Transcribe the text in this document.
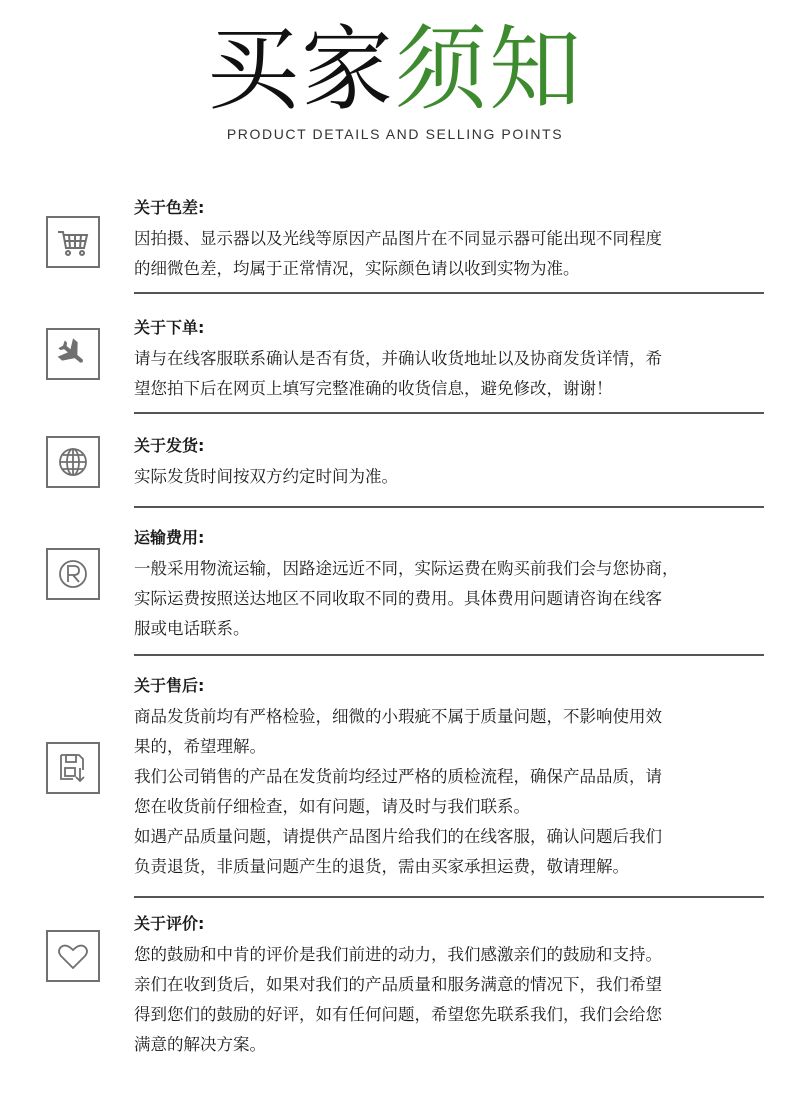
买家须知
PRODUCT DETAILS AND SELLING POINTS
关于色差:
因拍摄、显示器以及光线等原因产品图片在不同显示器可能出现不同程度
的细微色差，均属于正常情况，实际颜色请以收到实物为准。
关于下单:
请与在线客服联系确认是否有货，并确认收货地址以及协商发货详情，希
望您拍下后在网页上填写完整准确的收货信息，避免修改，谢谢！
关于发货:
实际发货时间按双方约定时间为准。
运输费用:
一般采用物流运输，因路途远近不同，实际运费在购买前我们会与您协商，
实际运费按照送达地区不同收取不同的费用。具体费用问题请咨询在线客
服或电话联系。
关于售后:
商品发货前均有严格检验，细微的小瑕疵不属于质量问题，不影响使用效
果的，希望理解。
我们公司销售的产品在发货前均经过严格的质检流程，确保产品品质，请
您在收货前仔细检查，如有问题，请及时与我们联系。
如遇产品质量问题，请提供产品图片给我们的在线客服，确认问题后我们
负责退货，非质量问题产生的退货，需由买家承担运费，敬请理解。
关于评价:
您的鼓励和中肯的评价是我们前进的动力，我们感激亲们的鼓励和支持。
亲们在收到货后，如果对我们的产品质量和服务满意的情况下，我们希望
得到您们的鼓励的好评，如有任何问题，希望您先联系我们，我们会给您
满意的解决方案。
